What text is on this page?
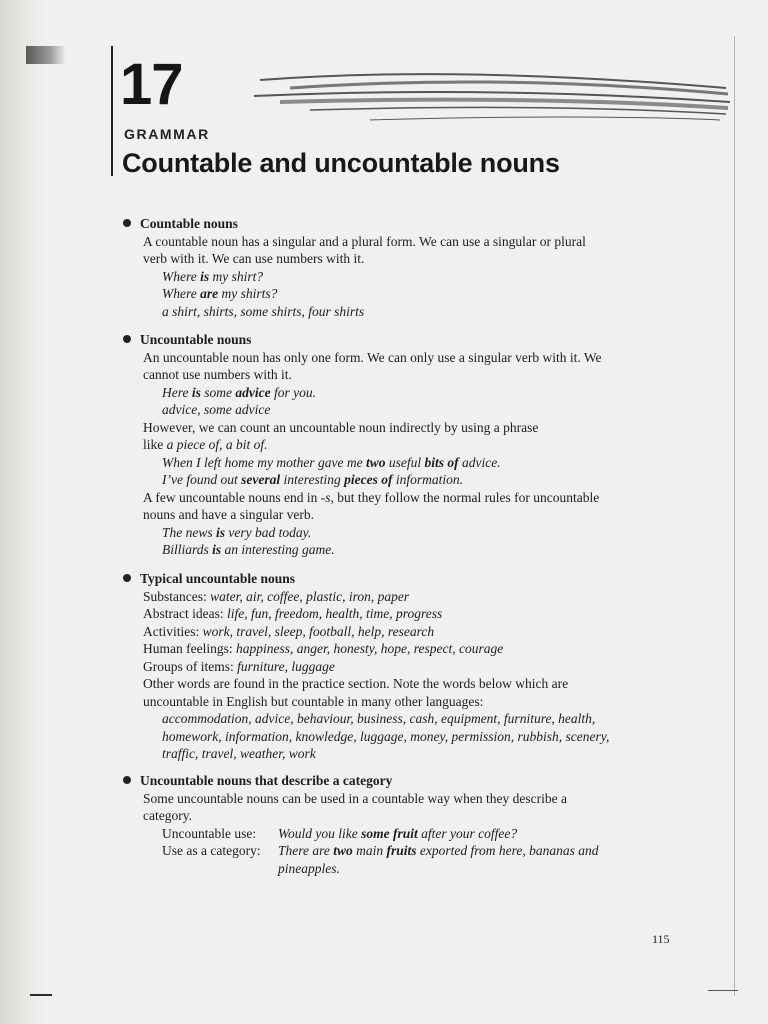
17
GRAMMAR
Countable and uncountable nouns

Countable nouns

A countable noun has a singular and a plural form. We can use a singular or plural

verb with it. We can use numbers with it.

Where is my shirt?

Where are my shirts?

a shirt, shirts, some shirts, four shirts

Uncountable nouns

An uncountable noun has only one form. We can only use a singular verb with it. We

cannot use numbers with it.

Here is some advice for you.

advice, some advice

However, we can count an uncountable noun indirectly by using a phrase

like a piece of, a bit of.

When I left home my mother gave me two useful bits of advice.

I’ve found out several interesting pieces of information.

A few uncountable nouns end in -s, but they follow the normal rules for uncountable

nouns and have a singular verb.

The news is very bad today.

Billiards is an interesting game.

Typical uncountable nouns

Substances:
water, air, coffee, plastic, iron, paper

Abstract ideas:
life, fun, freedom, health, time, progress

Activities:
work, travel, sleep, football, help, research

Human feelings:
happiness, anger, honesty, hope, respect, courage

Groups of items:
furniture, luggage

Other words are found in the practice section. Note the words below which are

uncountable in English but countable in many other languages:

accommodation, advice, behaviour, business, cash, equipment, furniture, health,

homework, information, knowledge, luggage, money, permission, rubbish, scenery,

traffic, travel, weather, work

Uncountable nouns that describe a category

Some uncountable nouns can be used in a countable way when they describe a

category.

Uncountable use:	Would you like some fruit after your coffee?
Use as a category:	There are two main fruits exported from here, bananas and
pineapples.

115
